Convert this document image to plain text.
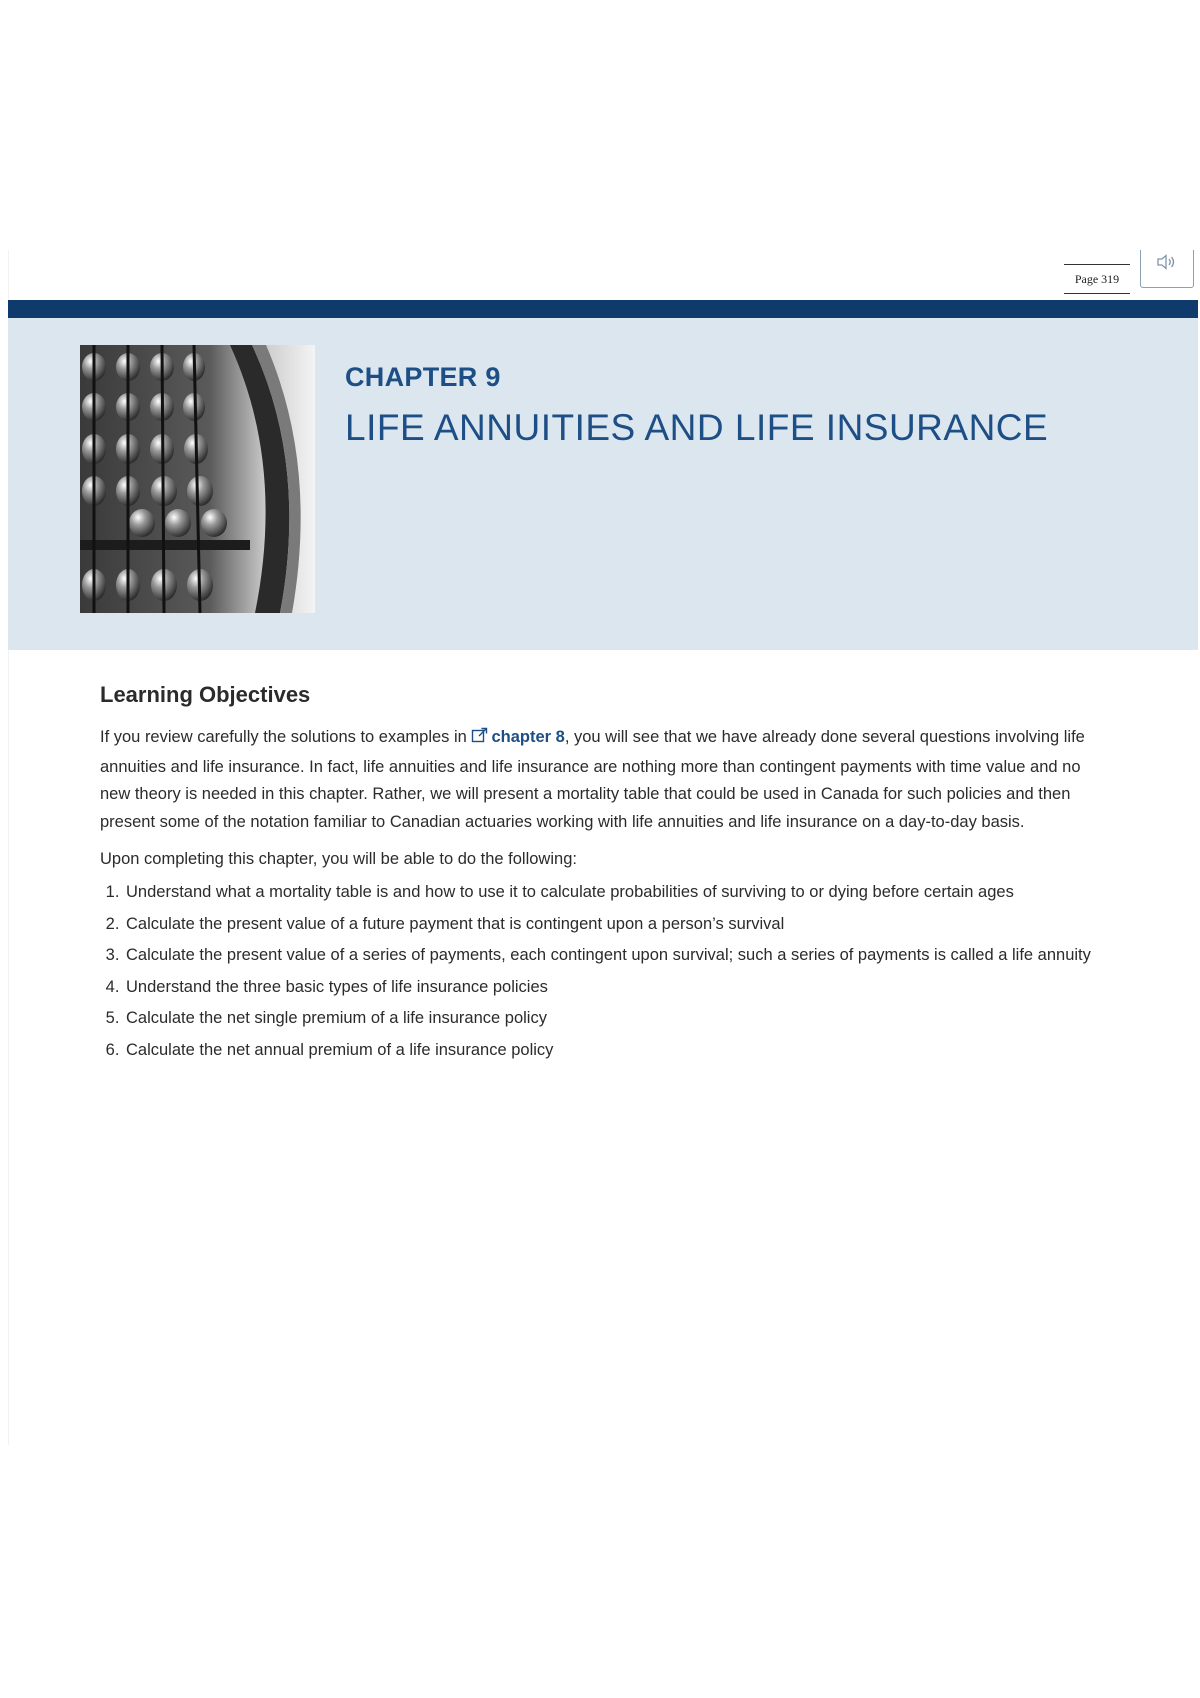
Page 319
CHAPTER 9
LIFE ANNUITIES AND LIFE INSURANCE
Learning Objectives

If you review carefully the solutions to examples in chapter 8, you will see that we have already done several questions involving life annuities and life insurance. In fact, life annuities and life insurance are nothing more than contingent payments with time value and no new theory is needed in this chapter. Rather, we will present a mortality table that could be used in Canada for such policies and then present some of the notation familiar to Canadian actuaries working with life annuities and life insurance on a day-to-day basis.

Upon completing this chapter, you will be able to do the following:

1. Understand what a mortality table is and how to use it to calculate probabilities of surviving to or dying before certain ages
2. Calculate the present value of a future payment that is contingent upon a person’s survival
3. Calculate the present value of a series of payments, each contingent upon survival; such a series of payments is called a life annuity
4. Understand the three basic types of life insurance policies
5. Calculate the net single premium of a life insurance policy
6. Calculate the net annual premium of a life insurance policy
